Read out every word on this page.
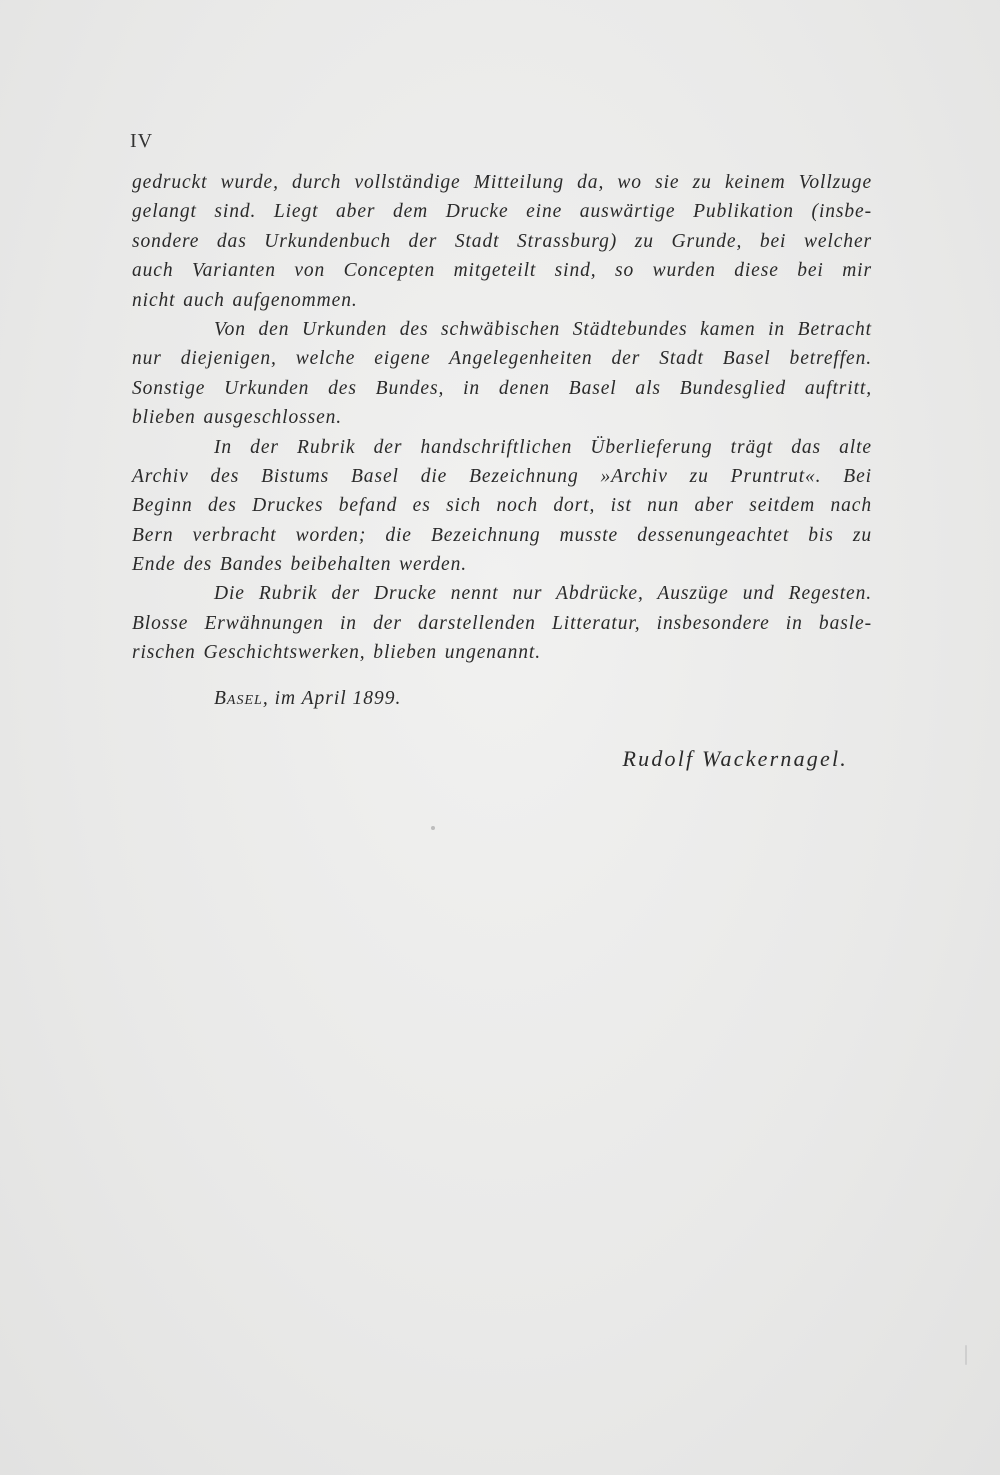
IV
gedruckt wurde, durch vollständige Mitteilung da, wo sie zu keinem Vollzuge
gelangt sind. Liegt aber dem Drucke eine auswärtige Publikation (insbe-
sondere das Urkundenbuch der Stadt Strassburg) zu Grunde, bei welcher
auch Varianten von Concepten mitgeteilt sind, so wurden diese bei mir
nicht auch aufgenommen.
Von den Urkunden des schwäbischen Städtebundes kamen in Betracht
nur diejenigen, welche eigene Angelegenheiten der Stadt Basel betreffen.
Sonstige Urkunden des Bundes, in denen Basel als Bundesglied auftritt,
blieben ausgeschlossen.
In der Rubrik der handschriftlichen Überlieferung trägt das alte
Archiv des Bistums Basel die Bezeichnung »Archiv zu Pruntrut«. Bei
Beginn des Druckes befand es sich noch dort, ist nun aber seitdem nach
Bern verbracht worden; die Bezeichnung musste dessenungeachtet bis zu
Ende des Bandes beibehalten werden.
Die Rubrik der Drucke nennt nur Abdrücke, Auszüge und Regesten.
Blosse Erwähnungen in der darstellenden Litteratur, insbesondere in basle-
rischen Geschichtswerken, blieben ungenannt.
Basel, im April 1899.
Rudolf Wackernagel.
